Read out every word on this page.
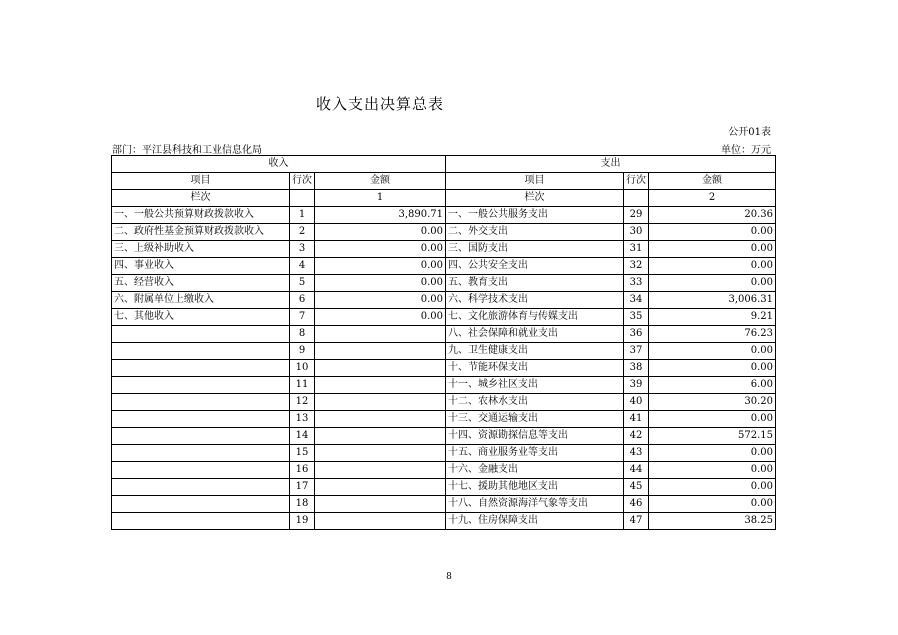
收入支出决算总表
公开01表
部门：平江县科技和工业信息化局	单位：万元
收入			支出		
项目	行次	金额	项目	行次	金额
栏次		1	栏次		2
一、一般公共预算财政拨款收入	1	3,890.71	一、一般公共服务支出	29	20.36
二、政府性基金预算财政拨款收入	2	0.00	二、外交支出	30	0.00
三、上级补助收入	3	0.00	三、国防支出	31	0.00
四、事业收入	4	0.00	四、公共安全支出	32	0.00
五、经营收入	5	0.00	五、教育支出	33	0.00
六、附属单位上缴收入	6	0.00	六、科学技术支出	34	3,006.31
七、其他收入	7	0.00	七、文化旅游体育与传媒支出	35	9.21
	8		八、社会保障和就业支出	36	76.23
	9		九、卫生健康支出	37	0.00
	10		十、节能环保支出	38	0.00
	11		十一、城乡社区支出	39	6.00
	12		十二、农林水支出	40	30.20
	13		十三、交通运输支出	41	0.00
	14		十四、资源勘探信息等支出	42	572.15
	15		十五、商业服务业等支出	43	0.00
	16		十六、金融支出	44	0.00
	17		十七、援助其他地区支出	45	0.00
	18		十八、自然资源海洋气象等支出	46	0.00
	19		十九、住房保障支出	47	38.25
8
